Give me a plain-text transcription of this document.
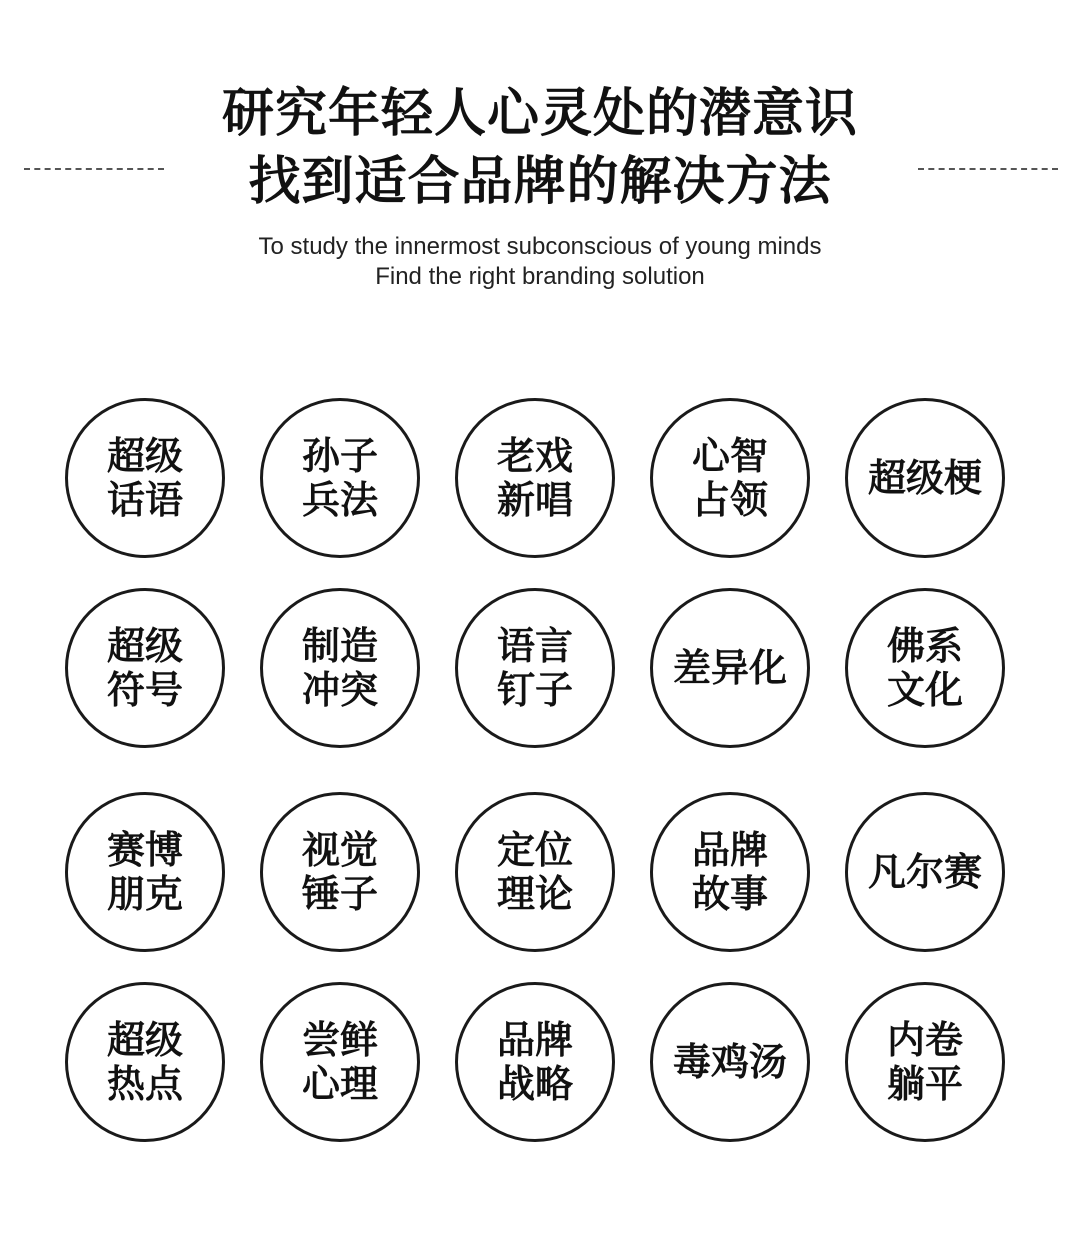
研究年轻人心灵处的潜意识
找到适合品牌的解决方法
To study the innermost subconscious of young minds
Find the right branding solution
超级
话语
孙子
兵法
老戏
新唱
心智
占领	超级梗
超级
符号
制造
冲突
语言
钉子	差异化	佛系
文化
赛博
朋克
视觉
锤子
定位
理论
品牌
故事	凡尔赛
超级
热点
尝鲜
心理
品牌
战略	毒鸡汤	内卷
躺平
